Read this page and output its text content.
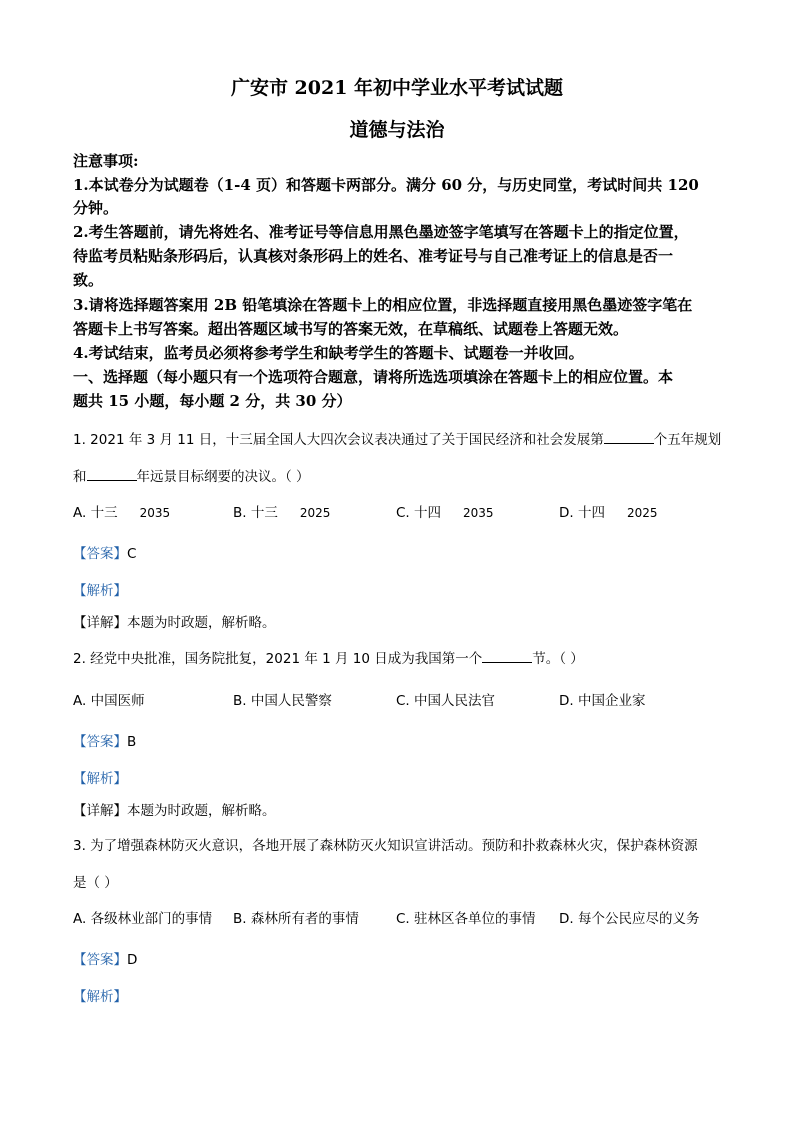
广安市 2021 年初中学业水平考试试题
道德与法治
注意事项:
1.本试卷分为试题卷（1-4 页）和答题卡两部分。满分 60 分，与历史同堂，考试时间共 120
分钟。
2.考生答题前，请先将姓名、准考证号等信息用黑色墨迹签字笔填写在答题卡上的指定位置，
待监考员粘贴条形码后，认真核对条形码上的姓名、准考证号与自己准考证上的信息是否一
致。
3.请将选择题答案用 2B 铅笔填涂在答题卡上的相应位置，非选择题直接用黑色墨迹签字笔在
答题卡上书写答案。超出答题区域书写的答案无效，在草稿纸、试题卷上答题无效。
4.考试结束，监考员必须将参考学生和缺考学生的答题卡、试题卷一并收回。
一、选择题（每小题只有一个选项符合题意，请将所选选项填涂在答题卡上的相应位置。本
题共 15 小题，每小题 2 分，共 30 分）
1. 2021 年 3 月 11 日，十三届全国人大四次会议表决通过了关于国民经济和社会发展第	个五年规划
和	年远景目标纲要的决议。（ ）
A. 十三 2035	B. 十三 2025	C. 十四 2035	D. 十四 2025
【答案】C
【解析】
【详解】本题为时政题，解析略。
2. 经党中央批准，国务院批复，2021 年 1 月 10 日成为我国第一个	节。（ ）
A. 中国医师	B. 中国人民警察	C. 中国人民法官	D. 中国企业家
【答案】B
【解析】
【详解】本题为时政题，解析略。
3. 为了增强森林防灭火意识，各地开展了森林防灭火知识宣讲活动。预防和扑救森林火灾，保护森林资源
是（ ）
A. 各级林业部门的事情 B. 森林所有者的事情	C. 驻林区各单位的事情 D. 每个公民应尽的义务
【答案】D
【解析】
